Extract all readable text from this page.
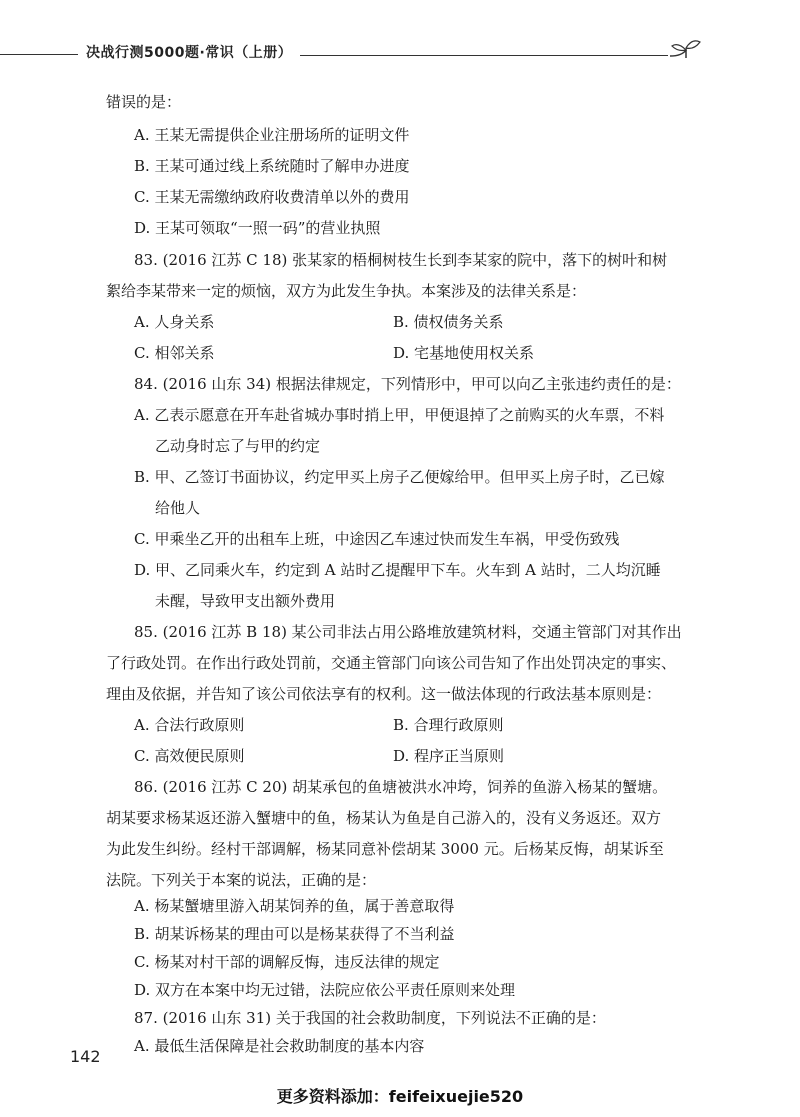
决战行测5000题·常识（上册）
错误的是：
A. 王某无需提供企业注册场所的证明文件
B. 王某可通过线上系统随时了解申办进度
C. 王某无需缴纳政府收费清单以外的费用
D. 王某可领取“一照一码”的营业执照
83. (2016 江苏 C 18) 张某家的梧桐树枝生长到李某家的院中，落下的树叶和树
絮给李某带来一定的烦恼，双方为此发生争执。本案涉及的法律关系是：
A. 人身关系	B. 债权债务关系
C. 相邻关系	D. 宅基地使用权关系
84. (2016 山东 34) 根据法律规定，下列情形中，甲可以向乙主张违约责任的是：
A. 乙表示愿意在开车赴省城办事时捎上甲，甲便退掉了之前购买的火车票，不料
乙动身时忘了与甲的约定
B. 甲、乙签订书面协议，约定甲买上房子乙便嫁给甲。但甲买上房子时，乙已嫁
给他人
C. 甲乘坐乙开的出租车上班，中途因乙车速过快而发生车祸，甲受伤致残
D. 甲、乙同乘火车，约定到 A 站时乙提醒甲下车。火车到 A 站时，二人均沉睡
未醒，导致甲支出额外费用
85. (2016 江苏 B 18) 某公司非法占用公路堆放建筑材料，交通主管部门对其作出
了行政处罚。在作出行政处罚前，交通主管部门向该公司告知了作出处罚决定的事实、
理由及依据，并告知了该公司依法享有的权利。这一做法体现的行政法基本原则是：
A. 合法行政原则	B. 合理行政原则
C. 高效便民原则	D. 程序正当原则
86. (2016 江苏 C 20) 胡某承包的鱼塘被洪水冲垮，饲养的鱼游入杨某的蟹塘。
胡某要求杨某返还游入蟹塘中的鱼，杨某认为鱼是自己游入的，没有义务返还。双方
为此发生纠纷。经村干部调解，杨某同意补偿胡某 3000 元。后杨某反悔，胡某诉至
法院。下列关于本案的说法，正确的是：
A. 杨某蟹塘里游入胡某饲养的鱼，属于善意取得
B. 胡某诉杨某的理由可以是杨某获得了不当利益
C. 杨某对村干部的调解反悔，违反法律的规定
D. 双方在本案中均无过错，法院应依公平责任原则来处理
87. (2016 山东 31) 关于我国的社会救助制度，下列说法不正确的是：
A. 最低生活保障是社会救助制度的基本内容
142
更多资料添加：feifeixuejie520
